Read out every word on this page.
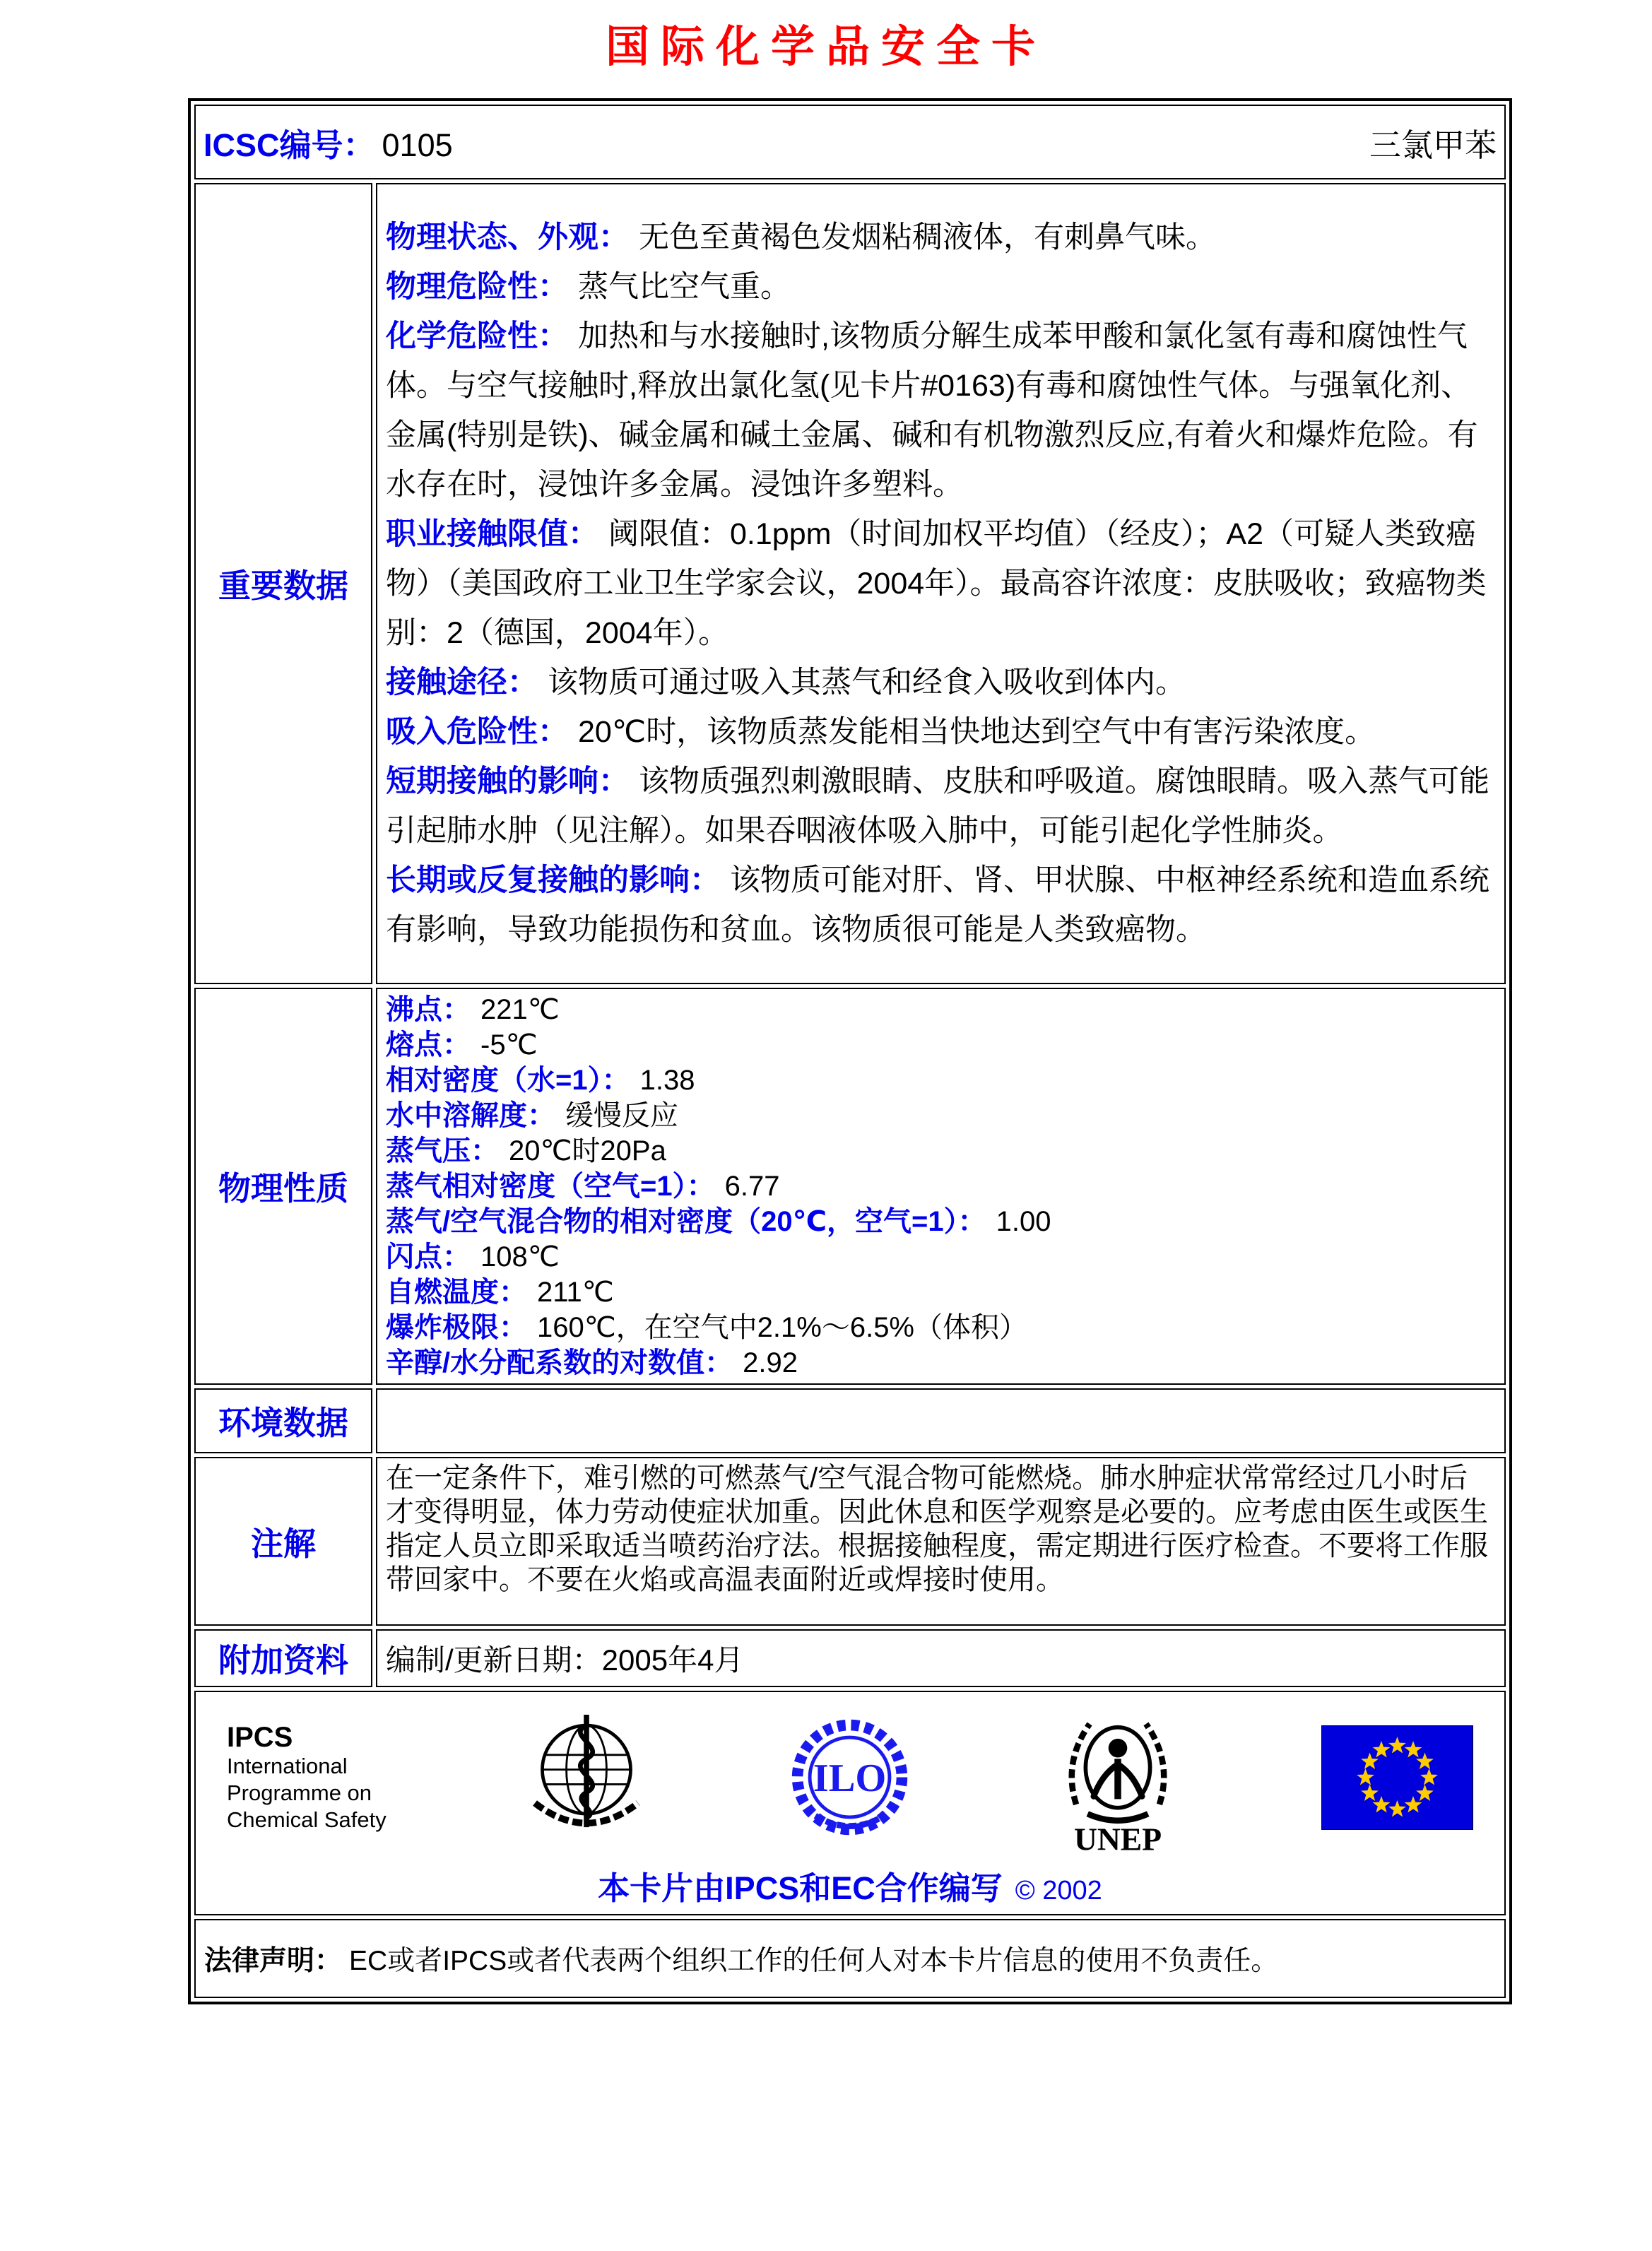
国际化学品安全卡
ICSC编号： 0105 三氯甲苯	

重要数据	

物理状态、外观： 无色至黄褐色发烟粘稠液体，有刺鼻气味。

物理危险性： 蒸气比空气重。

化学危险性： 加热和与水接触时,该物质分解生成苯甲酸和氯化氢有毒和腐蚀性气体。与空气接触时,释放出氯化氢(见卡片#0163)有毒和腐蚀性气体。与强氧化剂、金属(特别是铁)、碱金属和碱土金属、碱和有机物激烈反应,有着火和爆炸危险。有水存在时，浸蚀许多金属。浸蚀许多塑料。

职业接触限值： 阈限值：0.1ppm（时间加权平均值）（经皮）；A2（可疑人类致癌物）（美国政府工业卫生学家会议，2004年）。最高容许浓度：皮肤吸收；致癌物类别：2（德国，2004年）。

接触途径： 该物质可通过吸入其蒸气和经食入吸收到体内。

吸入危险性： 20℃时，该物质蒸发能相当快地达到空气中有害污染浓度。

短期接触的影响： 该物质强烈刺激眼睛、皮肤和呼吸道。腐蚀眼睛。吸入蒸气可能引起肺水肿（见注解）。如果吞咽液体吸入肺中，可能引起化学性肺炎。

长期或反复接触的影响： 该物质可能对肝、肾、甲状腺、中枢神经系统和造血系统有影响，导致功能损伤和贫血。该物质很可能是人类致癌物。

物理性质	
沸点： 221℃
熔点： -5℃
相对密度（水=1）： 1.38
水中溶解度： 缓慢反应
蒸气压： 20℃时20Pa
蒸气相对密度（空气=1）： 6.77
蒸气/空气混合物的相对密度（20℃，空气=1）： 1.00
闪点： 108℃
自燃温度： 211℃
爆炸极限： 160℃，在空气中2.1%～6.5%（体积）
辛醇/水分配系数的对数值： 2.92

环境数据	
注解	在一定条件下，难引燃的可燃蒸气/空气混合物可能燃烧。肺水肿症状常常经过几小时后才变得明显，体力劳动使症状加重。因此休息和医学观察是必要的。应考虑由医生或医生指定人员立即采取适当喷药治疗法。根据接触程度，需定期进行医疗检查。不要将工作服带回家中。不要在火焰或高温表面附近或焊接时使用。
附加资料	编制/更新日期：2005年4月

IPCS
International
Programme on
Chemical Safety
ILO
UNEP
本卡片由IPCS和EC合作编写 © 2002

法律声明： EC或者IPCS或者代表两个组织工作的任何人对本卡片信息的使用不负责任。	
